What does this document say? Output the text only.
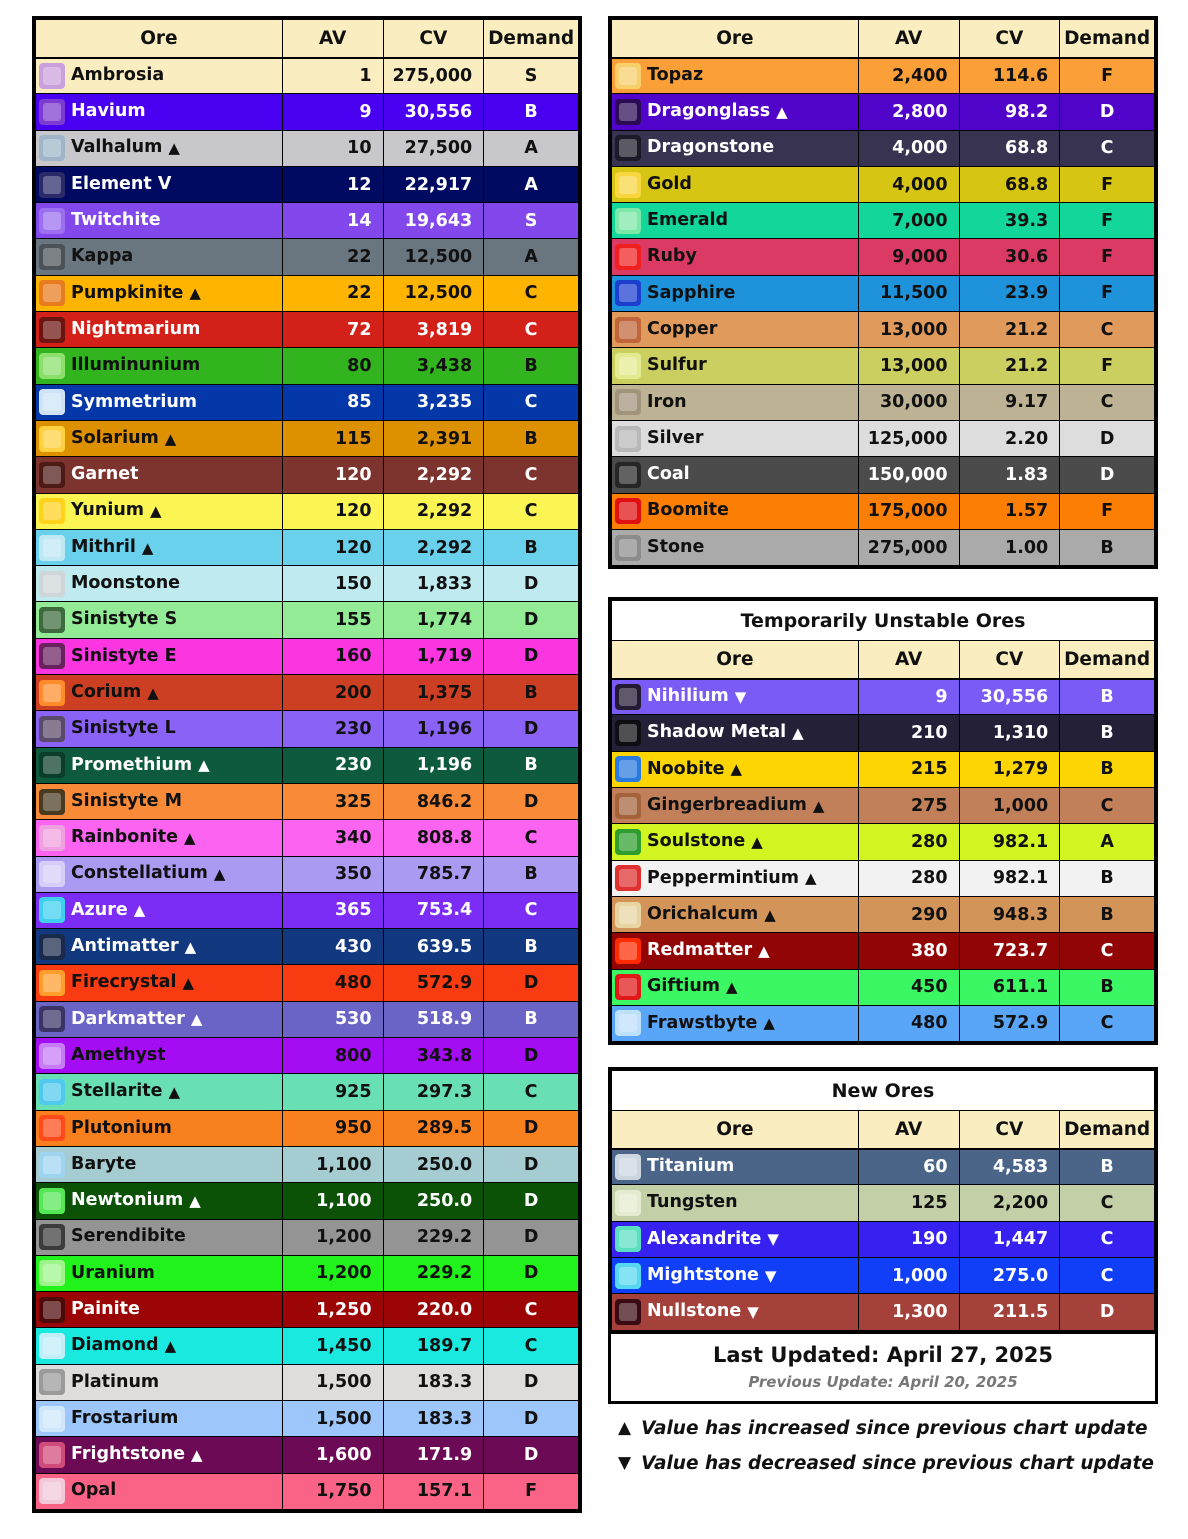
Ore	AV	CV	Demand

Ambrosia	1	275,000	S

Havium	9	30,556	B

Valhalum ▲	10	27,500	A

Element V	12	22,917	A

Twitchite	14	19,643	S

Kappa	22	12,500	A

Pumpkinite ▲	22	12,500	C

Nightmarium	72	3,819	C

Illuminunium	80	3,438	B

Symmetrium	85	3,235	C

Solarium ▲	115	2,391	B

Garnet	120	2,292	C

Yunium ▲	120	2,292	C

Mithril ▲	120	2,292	B

Moonstone	150	1,833	D

Sinistyte S	155	1,774	D

Sinistyte E	160	1,719	D

Corium ▲	200	1,375	B

Sinistyte L	230	1,196	D

Promethium ▲	230	1,196	B

Sinistyte M	325	846.2	D

Rainbonite ▲	340	808.8	C

Constellatium ▲	350	785.7	B

Azure ▲	365	753.4	C

Antimatter ▲	430	639.5	B

Firecrystal ▲	480	572.9	D

Darkmatter ▲	530	518.9	B

Amethyst	800	343.8	D

Stellarite ▲	925	297.3	C

Plutonium	950	289.5	D

Baryte	1,100	250.0	D

Newtonium ▲	1,100	250.0	D

Serendibite	1,200	229.2	D

Uranium	1,200	229.2	D

Painite	1,250	220.0	C

Diamond ▲	1,450	189.7	C

Platinum	1,500	183.3	D

Frostarium	1,500	183.3	D

Frightstone ▲	1,600	171.9	D

Opal	1,750	157.1	F
Ore	AV	CV	Demand

Topaz	2,400	114.6	F

Dragonglass ▲	2,800	98.2	D

Dragonstone	4,000	68.8	C

Gold	4,000	68.8	F

Emerald	7,000	39.3	F

Ruby	9,000	30.6	F

Sapphire	11,500	23.9	F

Copper	13,000	21.2	C

Sulfur	13,000	21.2	F

Iron	30,000	9.17	C

Silver	125,000	2.20	D

Coal	150,000	1.83	D

Boomite	175,000	1.57	F

Stone	275,000	1.00	B
Temporarily Unstable Ores			
Ore	AV	CV	Demand

Nihilium ▼	9	30,556	B

Shadow Metal ▲	210	1,310	B

Noobite ▲	215	1,279	B

Gingerbreadium ▲	275	1,000	C

Soulstone ▲	280	982.1	A

Peppermintium ▲	280	982.1	B

Orichalcum ▲	290	948.3	B

Redmatter ▲	380	723.7	C

Giftium ▲	450	611.1	B

Frawstbyte ▲	480	572.9	C
New Ores			
Ore	AV	CV	Demand

Titanium	60	4,583	B

Tungsten	125	2,200	C

Alexandrite ▼	190	1,447	C

Mightstone ▼	1,000	275.0	C

Nullstone ▼	1,300	211.5	D
Last Updated: April 27, 2025
Previous Update: April 20, 2025
▲ Value has increased since previous chart update
▼ Value has decreased since previous chart update
